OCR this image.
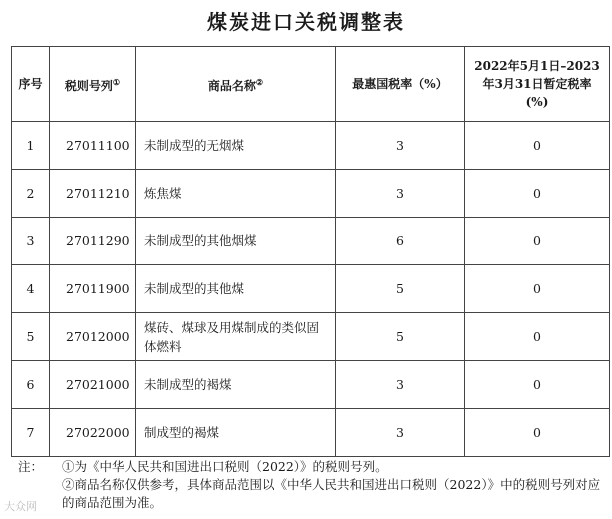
煤炭进口关税调整表
序号	税则号列①	商品名称②	最惠国税率（%）	2022年5月1日–2023
年3月31日暂定税率
(%)

1	27011100	未制成型的无烟煤	3	0
2	27011210	炼焦煤	3	0
3	27011290	未制成型的其他烟煤	6	0
4	27011900	未制成型的其他煤	5	0
5	27012000	煤砖、煤球及用煤制成的类似固体燃料	5	0
6	27021000	未制成型的褐煤	3	0
7	27022000	制成型的褐煤	3	0
注：	①为《中华人民共和国进出口税则（2022）》的税则号列。
②商品名称仅供参考，具体商品范围以《中华人民共和国进出口税则（2022）》中的税则号列对应的商品范围为准。
大众网
